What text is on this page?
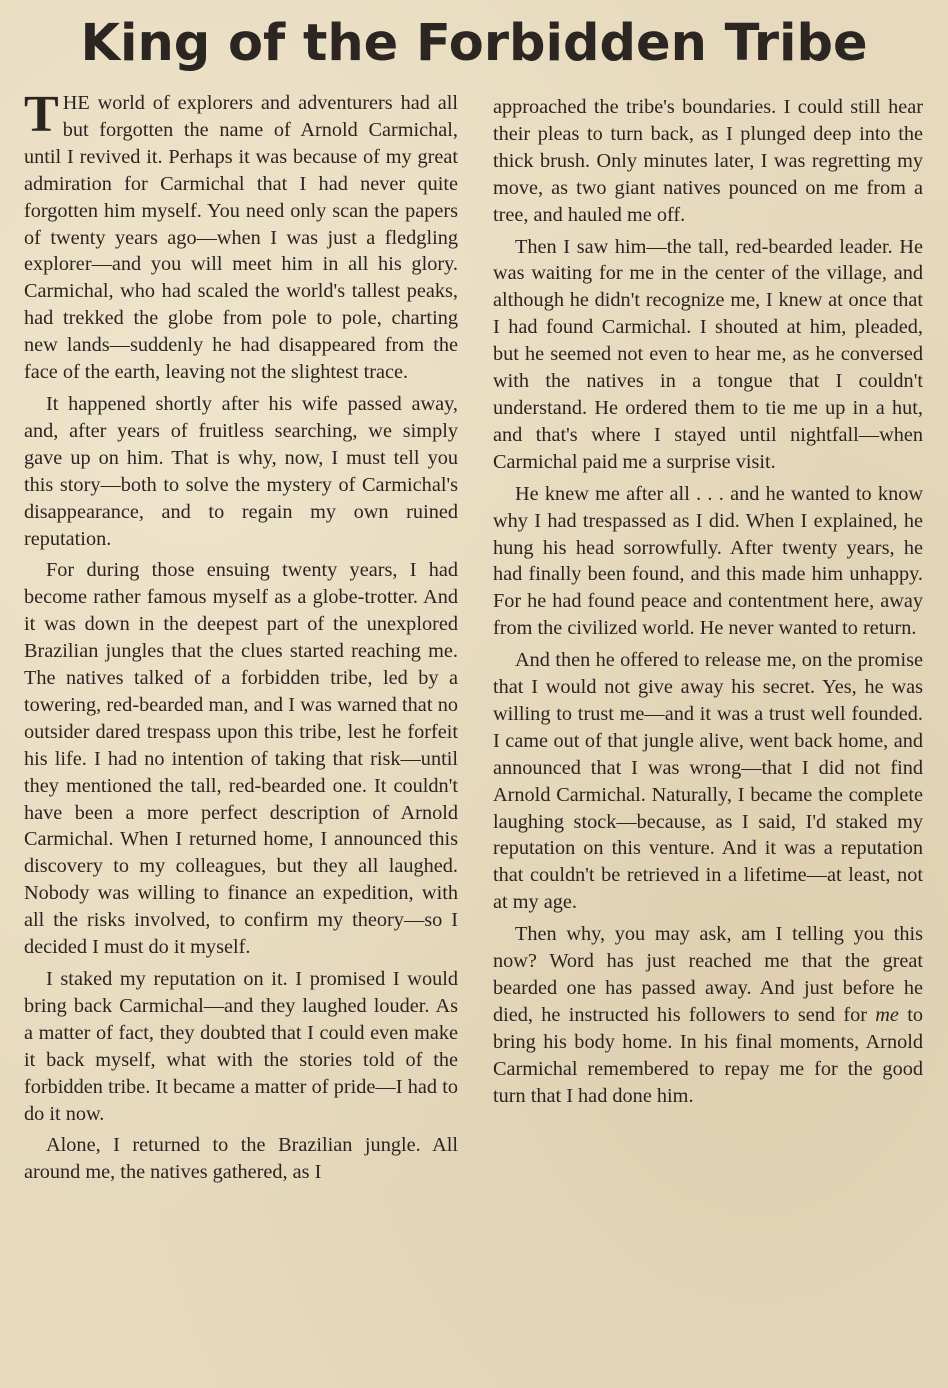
King of the Forbidden Tribe

THE world of explorers and adventurers had all but forgotten the name of Arnold Carmichal, until I revived it. Perhaps it was because of my great admiration for Carmichal that I had never quite forgotten him myself. You need only scan the papers of twenty years ago—when I was just a fledgling explorer—and you will meet him in all his glory. Carmichal, who had scaled the world's tallest peaks, had trekked the globe from pole to pole, charting new lands—suddenly he had disappeared from the face of the earth, leaving not the slightest trace.

It happened shortly after his wife passed away, and, after years of fruitless searching, we simply gave up on him. That is why, now, I must tell you this story—both to solve the mystery of Carmichal's disappearance, and to regain my own ruined reputation.

For during those ensuing twenty years, I had become rather famous myself as a globe-trotter. And it was down in the deepest part of the unexplored Brazilian jungles that the clues started reaching me. The natives talked of a forbidden tribe, led by a towering, red-bearded man, and I was warned that no outsider dared trespass upon this tribe, lest he forfeit his life. I had no intention of taking that risk—until they mentioned the tall, red-bearded one. It couldn't have been a more perfect description of Arnold Carmichal. When I returned home, I announced this discovery to my colleagues, but they all laughed. Nobody was willing to finance an expedition, with all the risks involved, to confirm my theory—so I decided I must do it myself.

I staked my reputation on it. I promised I would bring back Carmichal—and they laughed louder. As a matter of fact, they doubted that I could even make it back myself, what with the stories told of the forbidden tribe. It became a matter of pride—I had to do it now.

Alone, I returned to the Brazilian jungle. All around me, the natives gathered, as I

approached the tribe's boundaries. I could still hear their pleas to turn back, as I plunged deep into the thick brush. Only minutes later, I was regretting my move, as two giant natives pounced on me from a tree, and hauled me off.

Then I saw him—the tall, red-bearded leader. He was waiting for me in the center of the village, and although he didn't recognize me, I knew at once that I had found Carmichal. I shouted at him, pleaded, but he seemed not even to hear me, as he conversed with the natives in a tongue that I couldn't understand. He ordered them to tie me up in a hut, and that's where I stayed until nightfall—when Carmichal paid me a surprise visit.

He knew me after all . . . and he wanted to know why I had trespassed as I did. When I explained, he hung his head sorrowfully. After twenty years, he had finally been found, and this made him unhappy. For he had found peace and contentment here, away from the civilized world. He never wanted to return.

And then he offered to release me, on the promise that I would not give away his secret. Yes, he was willing to trust me—and it was a trust well founded. I came out of that jungle alive, went back home, and announced that I was wrong—that I did not find Arnold Carmichal. Naturally, I became the complete laughing stock—because, as I said, I'd staked my reputation on this venture. And it was a reputation that couldn't be retrieved in a lifetime—at least, not at my age.

Then why, you may ask, am I telling you this now? Word has just reached me that the great bearded one has passed away. And just before he died, he instructed his followers to send for me to bring his body home. In his final moments, Arnold Carmichal remembered to repay me for the good turn that I had done him.
